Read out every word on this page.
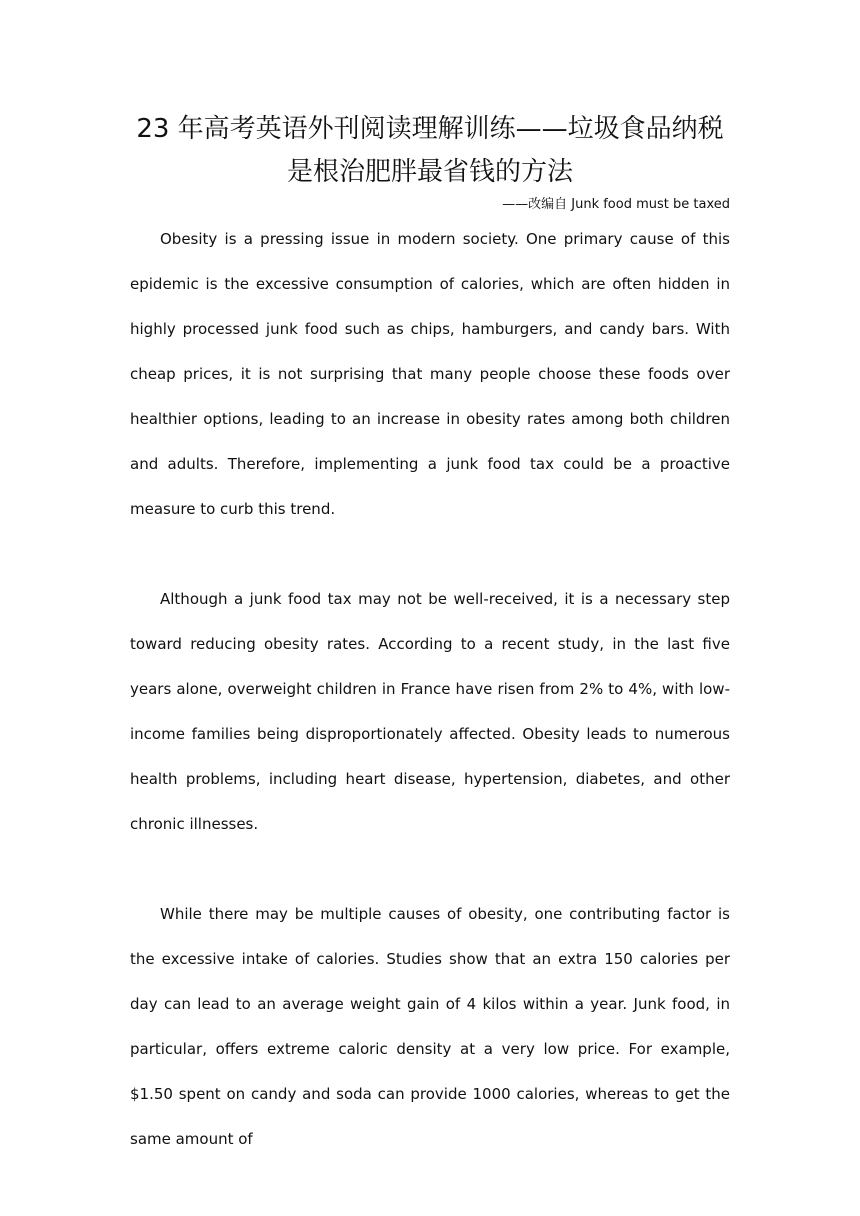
23 年高考英语外刊阅读理解训练——垃圾食品纳税
是根治肥胖最省钱的方法
——改编自 Junk food must be taxed

Obesity is a pressing issue in modern society. One primary cause of this epidemic is the excessive consumption of calories, which are often hidden in highly processed junk food such as chips, hamburgers, and candy bars. With cheap prices, it is not surprising that many people choose these foods over healthier options, leading to an increase in obesity rates among both children and adults. Therefore, implementing a junk food tax could be a proactive measure to curb this trend.

Although a junk food tax may not be well-received, it is a necessary step toward reducing obesity rates. According to a recent study, in the last five years alone, overweight children in France have risen from 2% to 4%, with low-income families being disproportionately affected. Obesity leads to numerous health problems, including heart disease, hypertension, diabetes, and other chronic illnesses.

While there may be multiple causes of obesity, one contributing factor is the excessive intake of calories. Studies show that an extra 150 calories per day can lead to an average weight gain of 4 kilos within a year. Junk food, in particular, offers extreme caloric density at a very low price. For example, $1.50 spent on candy and soda can provide 1000 calories, whereas to get the same amount of
